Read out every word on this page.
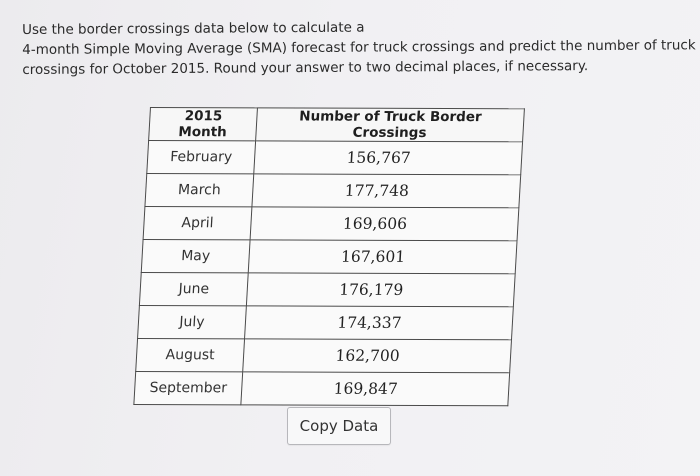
Use the border crossings data below to calculate a
4-month Simple Moving Average (SMA) forecast for truck crossings and predict the number of truck
crossings for October 2015. Round your answer to two decimal places, if necessary.
2015 Month	Number of Truck Border Crossings
February	156,767
March	177,748
April	169,606
May	167,601
June	176,179
July	174,337
August	162,700
September	169,847
Copy Data
